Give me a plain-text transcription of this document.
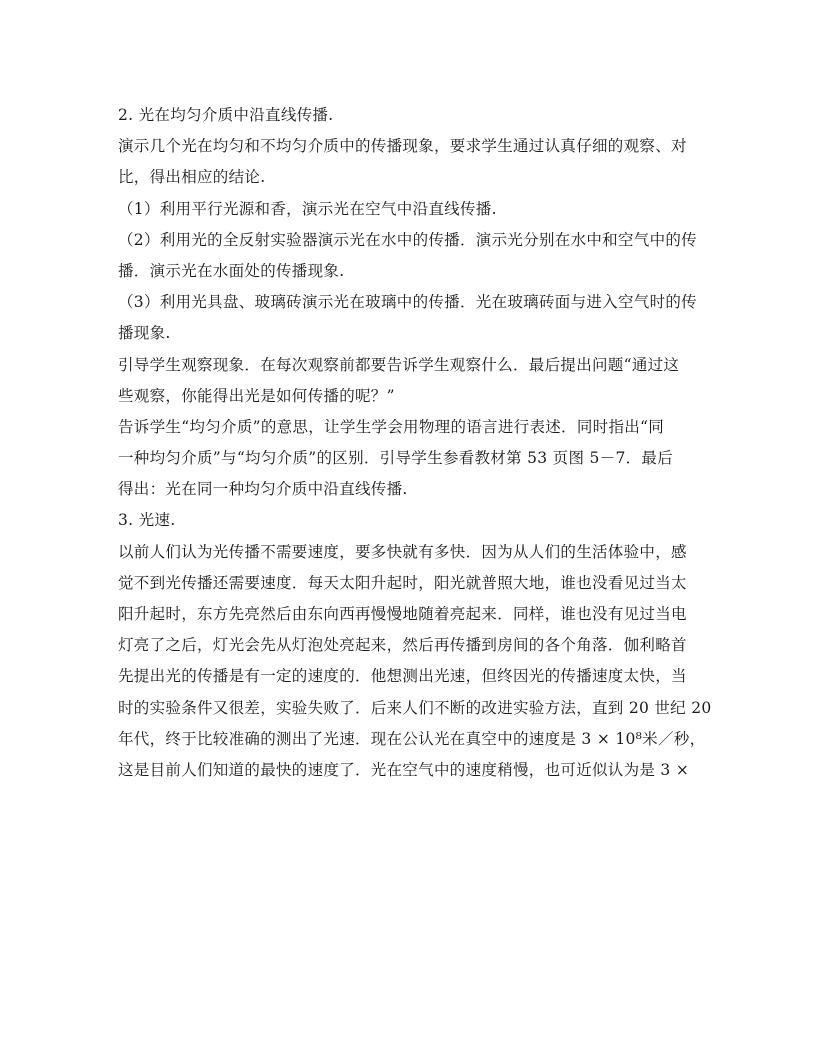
2. 光在均匀介质中沿直线传播.
演示几个光在均匀和不均匀介质中的传播现象，要求学生通过认真仔细的观察、对
比，得出相应的结论.
（1）利用平行光源和香，演示光在空气中沿直线传播.
（2）利用光的全反射实验器演示光在水中的传播．演示光分别在水中和空气中的传
播．演示光在水面处的传播现象.
（3）利用光具盘、玻璃砖演示光在玻璃中的传播．光在玻璃砖面与进入空气时的传
播现象.
引导学生观察现象．在每次观察前都要告诉学生观察什么．最后提出问题“通过这
些观察，你能得出光是如何传播的呢？”
告诉学生“均匀介质”的意思，让学生学会用物理的语言进行表述．同时指出“同
一种均匀介质”与“均匀介质”的区别．引导学生参看教材第 53 页图 5－7．最后
得出：光在同一种均匀介质中沿直线传播.
3. 光速.
以前人们认为光传播不需要速度，要多快就有多快．因为从人们的生活体验中，感
觉不到光传播还需要速度．每天太阳升起时，阳光就普照大地，谁也没看见过当太
阳升起时，东方先亮然后由东向西再慢慢地随着亮起来．同样，谁也没有见过当电
灯亮了之后，灯光会先从灯泡处亮起来，然后再传播到房间的各个角落．伽利略首
先提出光的传播是有一定的速度的．他想测出光速，但终因光的传播速度太快，当
时的实验条件又很差，实验失败了．后来人们不断的改进实验方法，直到 20 世纪 20
年代，终于比较准确的测出了光速．现在公认光在真空中的速度是 3 × 10⁸米／秒，
这是目前人们知道的最快的速度了．光在空气中的速度稍慢，也可近似认为是 3 ×
